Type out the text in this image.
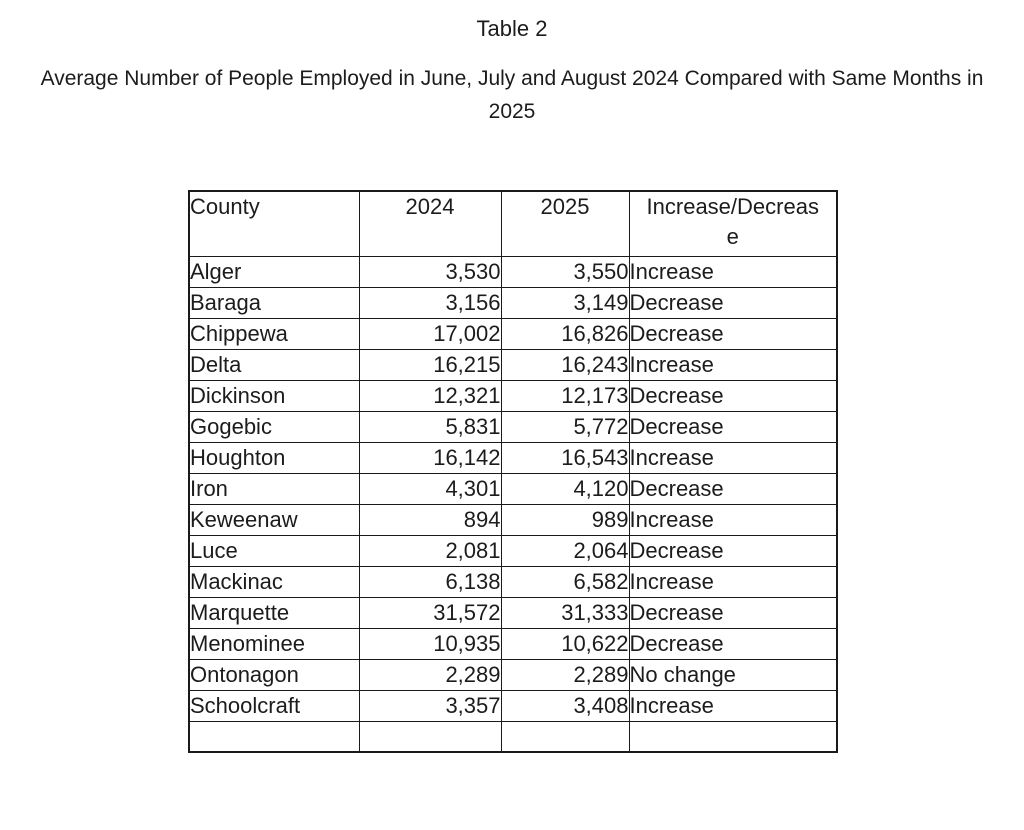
Table 2
Average Number of People Employed in June, July and August 2024 Compared with Same Months in
2025
County	2024	2025	Increase/Decreas
e

Alger	3,530	3,550	Increase
Baraga	3,156	3,149	Decrease
Chippewa	17,002	16,826	Decrease
Delta	16,215	16,243	Increase
Dickinson	12,321	12,173	Decrease
Gogebic	5,831	5,772	Decrease
Houghton	16,142	16,543	Increase
Iron	4,301	4,120	Decrease
Keweenaw	894	989	Increase
Luce	2,081	2,064	Decrease
Mackinac	6,138	6,582	Increase
Marquette	31,572	31,333	Decrease
Menominee	10,935	10,622	Decrease
Ontonagon	2,289	2,289	No change
Schoolcraft	3,357	3,408	Increase
